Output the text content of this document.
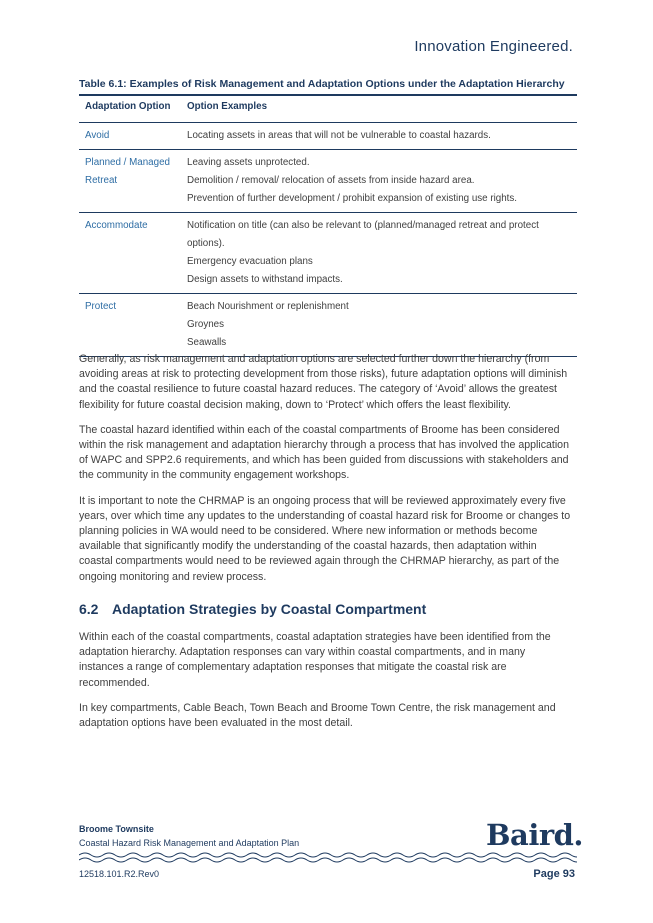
Innovation Engineered.
Table 6.1: Examples of Risk Management and Adaptation Options under the Adaptation Hierarchy
Adaptation Option	Option Examples
Avoid	Locating assets in areas that will not be vulnerable to coastal hazards.

Planned / Managed Retreat	Leaving assets unprotected.
Demolition / removal/ relocation of assets from inside hazard area.
Prevention of further development / prohibit expansion of existing use rights.

Accommodate	Notification on title (can also be relevant to (planned/managed retreat and protect options).
Emergency evacuation plans
Design assets to withstand impacts.

Protect	Beach Nourishment or replenishment
Groynes
Seawalls

Generally, as risk management and adaptation options are selected further down the hierarchy (from avoiding areas at risk to protecting development from those risks), future adaptation options will diminish and the coastal resilience to future coastal hazard reduces. The category of ‘Avoid’ allows the greatest flexibility for future coastal decision making, down to ‘Protect’ which offers the least flexibility.

The coastal hazard identified within each of the coastal compartments of Broome has been considered within the risk management and adaptation hierarchy through a process that has involved the application of WAPC and SPP2.6 requirements, and which has been guided from discussions with stakeholders and the community in the community engagement workshops.

It is important to note the CHRMAP is an ongoing process that will be reviewed approximately every five years, over which time any updates to the understanding of coastal hazard risk for Broome or changes to planning policies in WA would need to be considered. Where new information or methods become available that significantly modify the understanding of the coastal hazards, then adaptation within coastal compartments would need to be reviewed again through the CHRMAP hierarchy, as part of the ongoing monitoring and review process.

6.2 Adaptation Strategies by Coastal Compartment

Within each of the coastal compartments, coastal adaptation strategies have been identified from the adaptation hierarchy. Adaptation responses can vary within coastal compartments, and in many instances a range of complementary adaptation responses that mitigate the coastal risk are recommended.

In key compartments, Cable Beach, Town Beach and Broome Town Centre, the risk management and adaptation options have been evaluated in the most detail.

Broome Townsite
Coastal Hazard Risk Management and Adaptation Plan	Baird.
12518.101.R2.Rev0	Page 93
